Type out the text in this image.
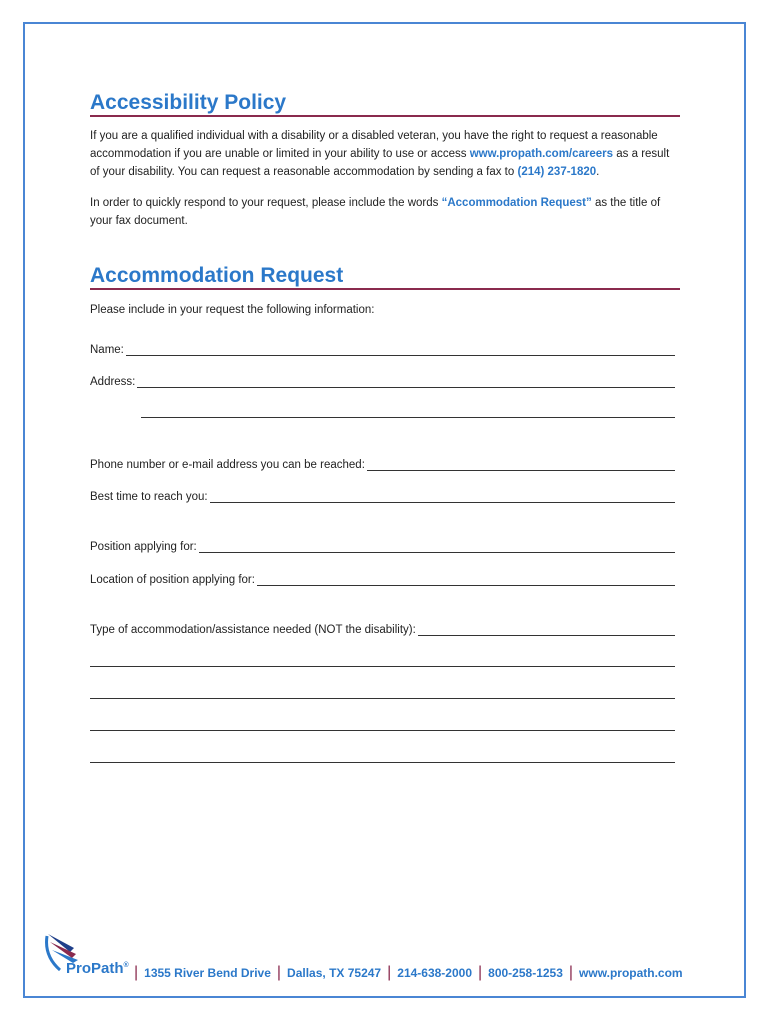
Accessibility Policy

If you are a qualified individual with a disability or a disabled veteran, you have the right to request a reasonable accommodation if you are unable or limited in your ability to use or access www.propath.com/careers as a result of your disability. You can request a reasonable accommodation by sending a fax to (214) 237-1820.

In order to quickly respond to your request, please include the words “Accommodation Request” as the title of your fax document.

Accommodation Request

Please include in your request the following information:

Name:
Address:
Phone number or e-mail address you can be reached:
Best time to reach you:
Position applying for:
Location of position applying for:
Type of accommodation/assistance needed (NOT the disability):
ProPath® | 1355 River Bend Drive | Dallas, TX 75247 | 214-638-2000 | 800-258-1253 | www.propath.com
